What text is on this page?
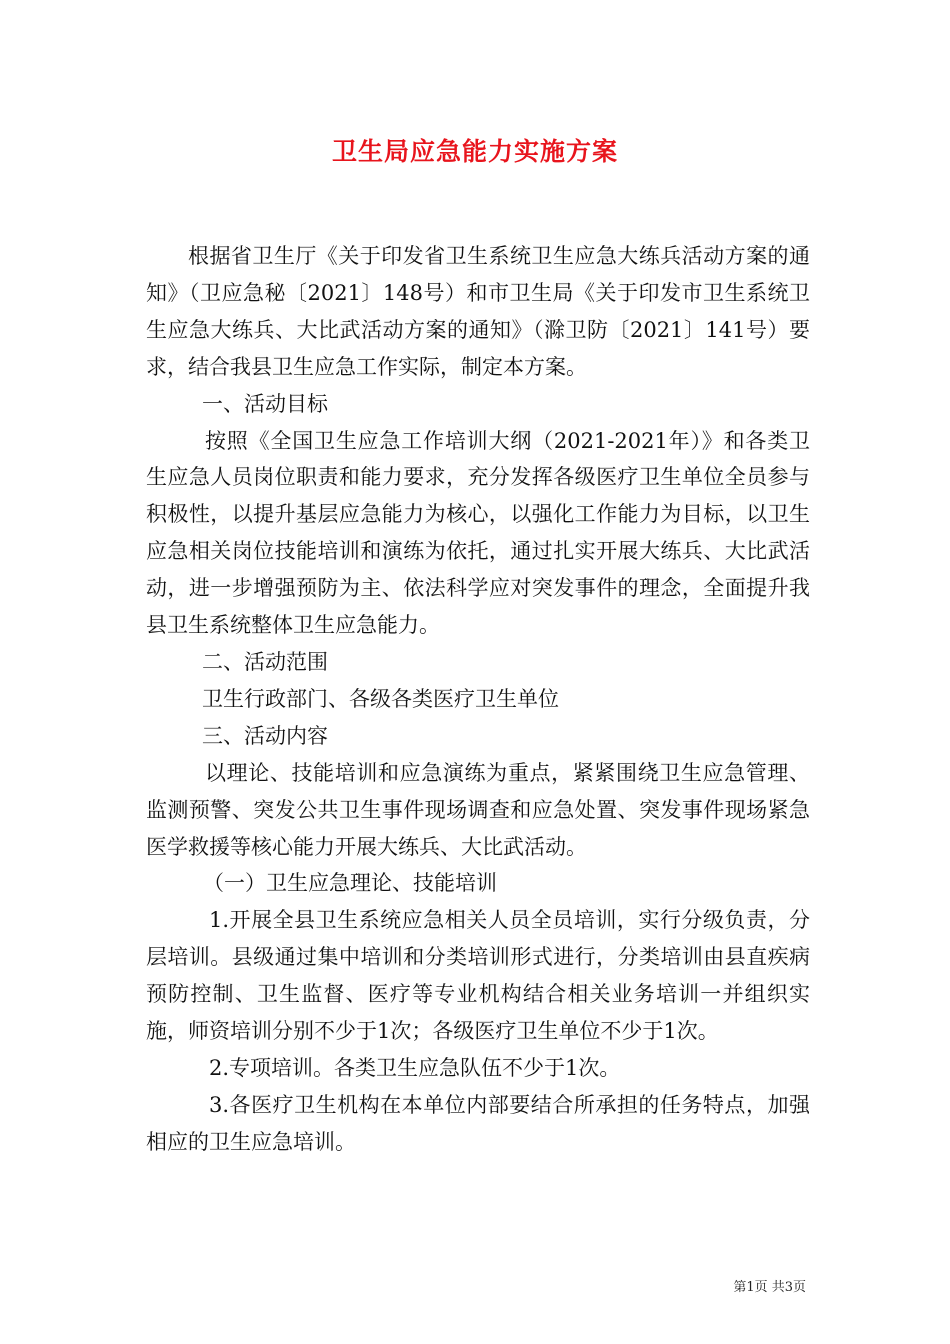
卫生局应急能力实施方案

根据省卫生厅《关于印发省卫生系统卫生应急大练兵活动方案的通知》（卫应急秘〔2021〕148号）和市卫生局《关于印发市卫生系统卫生应急大练兵、大比武活动方案的通知》（滁卫防〔2021〕141号）要求，结合我县卫生应急工作实际，制定本方案。

一、活动目标

按照《全国卫生应急工作培训大纲（2021-2021年）》和各类卫生应急人员岗位职责和能力要求，充分发挥各级医疗卫生单位全员参与积极性，以提升基层应急能力为核心，以强化工作能力为目标，以卫生应急相关岗位技能培训和演练为依托，通过扎实开展大练兵、大比武活动，进一步增强预防为主、依法科学应对突发事件的理念，全面提升我县卫生系统整体卫生应急能力。

二、活动范围

卫生行政部门、各级各类医疗卫生单位

三、活动内容

以理论、技能培训和应急演练为重点，紧紧围绕卫生应急管理、监测预警、突发公共卫生事件现场调查和应急处置、突发事件现场紧急医学救援等核心能力开展大练兵、大比武活动。

（一）卫生应急理论、技能培训

1.开展全县卫生系统应急相关人员全员培训，实行分级负责，分层培训。县级通过集中培训和分类培训形式进行，分类培训由县直疾病预防控制、卫生监督、医疗等专业机构结合相关业务培训一并组织实施，师资培训分别不少于1次；各级医疗卫生单位不少于1次。

2.专项培训。各类卫生应急队伍不少于1次。

3.各医疗卫生机构在本单位内部要结合所承担的任务特点，加强相应的卫生应急培训。

第1页 共3页
